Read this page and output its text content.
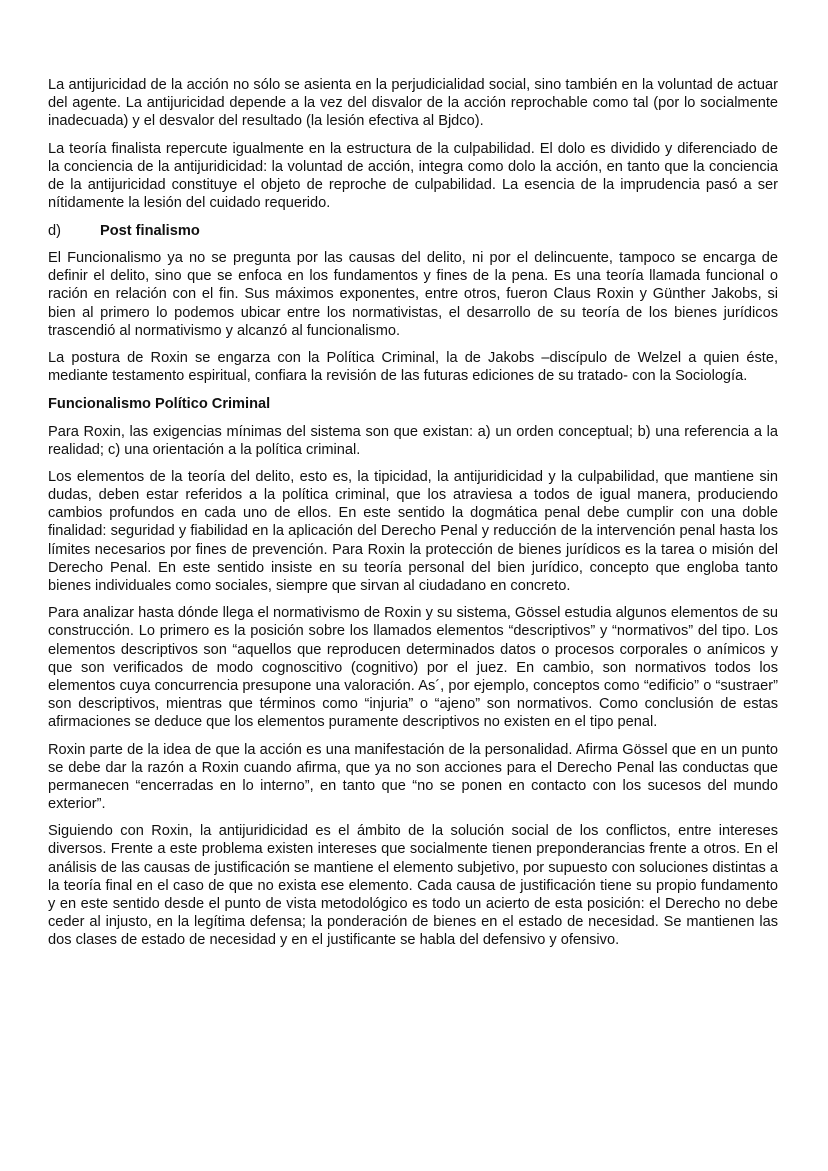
La antijuricidad de la acción no sólo se asienta en la perjudicialidad social, sino también en la voluntad de actuar del agente. La antijuricidad depende a la vez del disvalor de la acción reprochable como tal (por lo socialmente inadecuada) y el desvalor del resultado (la lesión efectiva al Bjdco).

La teoría finalista repercute igualmente en la estructura de la culpabilidad. El dolo es dividido y diferenciado de la conciencia de la antijuridicidad: la voluntad de acción, integra como dolo la acción, en tanto que la conciencia de la antijuricidad constituye el objeto de reproche de culpabilidad. La esencia de la imprudencia pasó a ser nítidamente la lesión del cuidado requerido.

d)	Post finalismo

El Funcionalismo ya no se pregunta por las causas del delito, ni por el delincuente, tampoco se encarga de definir el delito, sino que se enfoca en los fundamentos y fines de la pena. Es una teoría llamada funcional o ración en relación con el fin. Sus máximos exponentes, entre otros, fueron Claus Roxin y Günther Jakobs, si bien al primero lo podemos ubicar entre los normativistas, el desarrollo de su teoría de los bienes jurídicos trascendió al normativismo y alcanzó al funcionalismo.

La postura de Roxin se engarza con la Política Criminal, la de Jakobs –discípulo de Welzel a quien éste, mediante testamento espiritual, confiara la revisión de las futuras ediciones de su tratado- con la Sociología.

Funcionalismo Político Criminal

Para Roxin, las exigencias mínimas del sistema son que existan: a) un orden conceptual; b) una referencia a la realidad; c) una orientación a la política criminal.

Los elementos de la teoría del delito, esto es, la tipicidad, la antijuridicidad y la culpabilidad, que mantiene sin dudas, deben estar referidos a la política criminal, que los atraviesa a todos de igual manera, produciendo cambios profundos en cada uno de ellos. En este sentido la dogmática penal debe cumplir con una doble finalidad: seguridad y fiabilidad en la aplicación del Derecho Penal y reducción de la intervención penal hasta los límites necesarios por fines de prevención. Para Roxin la protección de bienes jurídicos es la tarea o misión del Derecho Penal. En este sentido insiste en su teoría personal del bien jurídico, concepto que engloba tanto bienes individuales como sociales, siempre que sirvan al ciudadano en concreto.

Para analizar hasta dónde llega el normativismo de Roxin y su sistema, Gössel estudia algunos elementos de su construcción. Lo primero es la posición sobre los llamados elementos “descriptivos” y “normativos” del tipo. Los elementos descriptivos son “aquellos que reproducen determinados datos o procesos corporales o anímicos y que son verificados de modo cognoscitivo (cognitivo) por el juez. En cambio, son normativos todos los elementos cuya concurrencia presupone una valoración. As´, por ejemplo, conceptos como “edificio” o “sustraer” son descriptivos, mientras que términos como “injuria” o “ajeno” son normativos. Como conclusión de estas afirmaciones se deduce que los elementos puramente descriptivos no existen en el tipo penal.

Roxin parte de la idea de que la acción es una manifestación de la personalidad. Afirma Gössel que en un punto se debe dar la razón a Roxin cuando afirma, que ya no son acciones para el Derecho Penal las conductas que permanecen “encerradas en lo interno”, en tanto que “no se ponen en contacto con los sucesos del mundo exterior”.

Siguiendo con Roxin, la antijuridicidad es el ámbito de la solución social de los conflictos, entre intereses diversos. Frente a este problema existen intereses que socialmente tienen preponderancias frente a otros. En el análisis de las causas de justificación se mantiene el elemento subjetivo, por supuesto con soluciones distintas a la teoría final en el caso de que no exista ese elemento. Cada causa de justificación tiene su propio fundamento y en este sentido desde el punto de vista metodológico es todo un acierto de esta posición: el Derecho no debe ceder al injusto, en la legítima defensa; la ponderación de bienes en el estado de necesidad. Se mantienen las dos clases de estado de necesidad y en el justificante se habla del defensivo y ofensivo.
